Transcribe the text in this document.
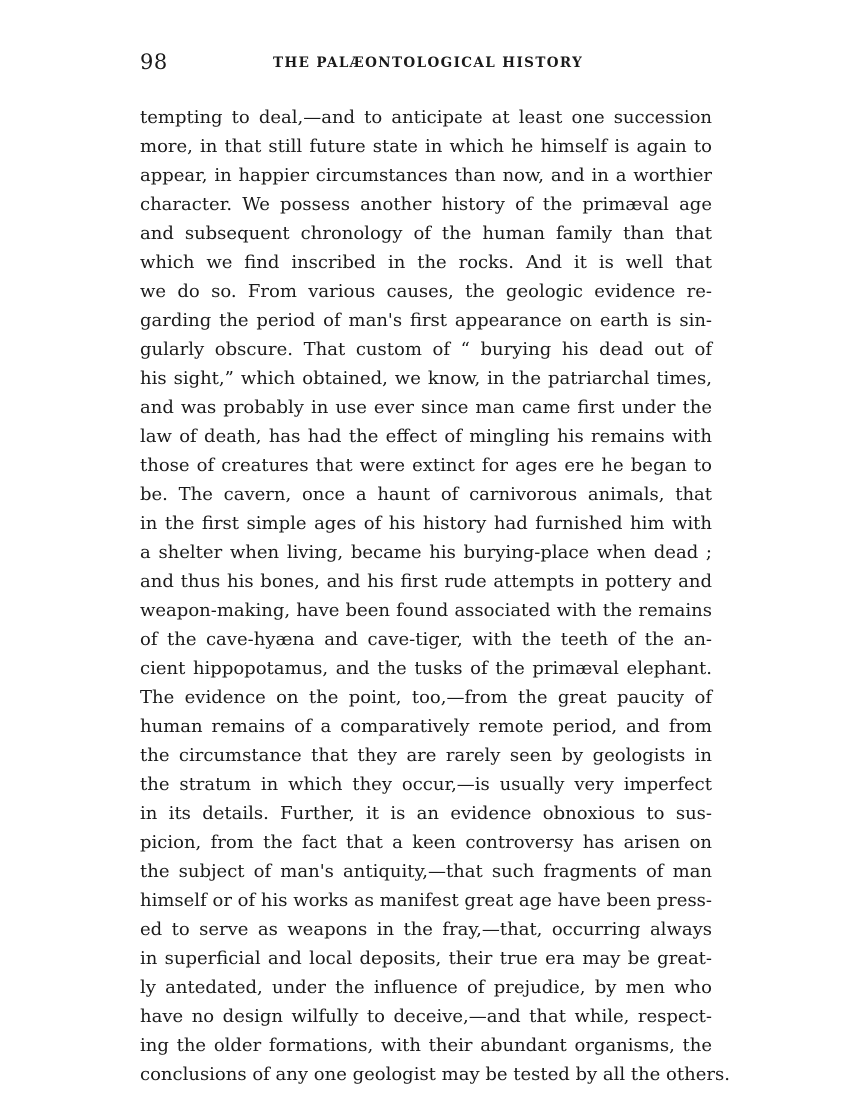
98	THE PALÆONTOLOGICAL HISTORY
tempting to deal,—and to anticipate at least one succession
more, in that still future state in which he himself is again to
appear, in happier circumstances than now, and in a worthier
character. We possess another history of the primæval age
and subsequent chronology of the human family than that
which we find inscribed in the rocks. And it is well that
we do so. From various causes, the geologic evidence re-
garding the period of man's first appearance on earth is sin-
gularly obscure. That custom of “ burying his dead out of
his sight,” which obtained, we know, in the patriarchal times,
and was probably in use ever since man came first under the
law of death, has had the effect of mingling his remains with
those of creatures that were extinct for ages ere he began to
be. The cavern, once a haunt of carnivorous animals, that
in the first simple ages of his history had furnished him with
a shelter when living, became his burying-place when dead ;
and thus his bones, and his first rude attempts in pottery and
weapon-making, have been found associated with the remains
of the cave-hyæna and cave-tiger, with the teeth of the an-
cient hippopotamus, and the tusks of the primæval elephant.
The evidence on the point, too,—from the great paucity of
human remains of a comparatively remote period, and from
the circumstance that they are rarely seen by geologists in
the stratum in which they occur,—is usually very imperfect
in its details. Further, it is an evidence obnoxious to sus-
picion, from the fact that a keen controversy has arisen on
the subject of man's antiquity,—that such fragments of man
himself or of his works as manifest great age have been press-
ed to serve as weapons in the fray,—that, occurring always
in superficial and local deposits, their true era may be great-
ly antedated, under the influence of prejudice, by men who
have no design wilfully to deceive,—and that while, respect-
ing the older formations, with their abundant organisms, the
conclusions of any one geologist may be tested by all the others.
